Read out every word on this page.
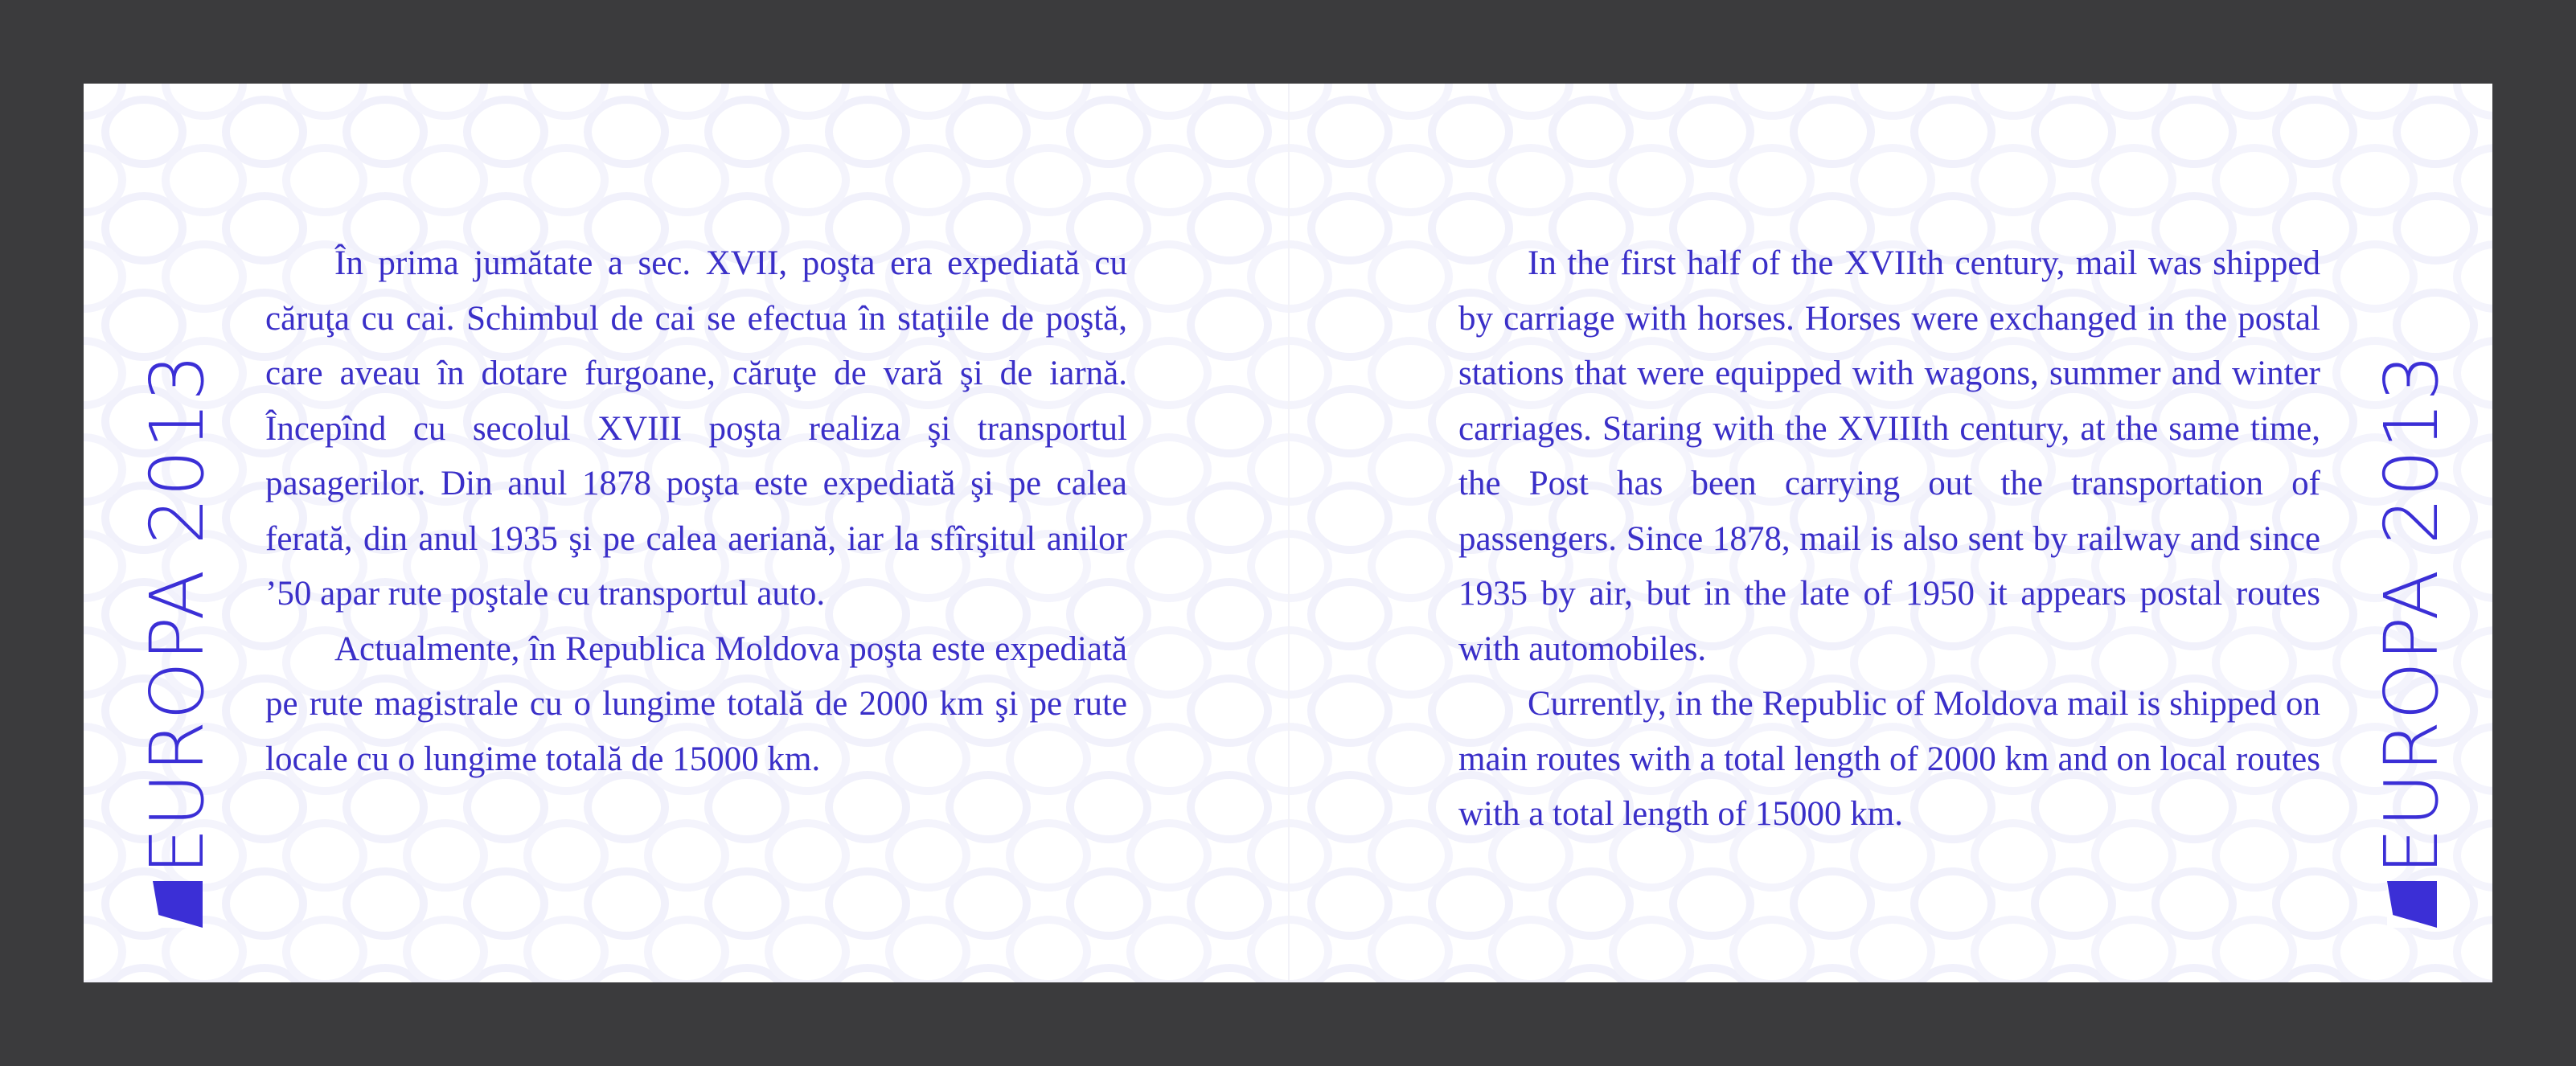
EUROPA 2013

În prima jumătate a sec. XVII, poşta era expediată cu căruţa cu cai. Schimbul de cai se efectua în staţiile de poştă, care aveau în dotare furgoane, căruţe de vară şi de iarnă. Începînd cu secolul XVIII poşta realiza şi transportul pasagerilor. Din anul 1878 poşta este expediată şi pe calea ferată, din anul 1935 şi pe calea aeriană, iar la sfîrşitul anilor ’50 apar rute poştale cu transportul auto.

Actualmente, în Republica Moldova poşta este expediată pe rute magistrale cu o lungime totală de 2000 km şi pe rute locale cu o lungime totală de 15000 km.

In the first half of the XVIIth century, mail was shipped by carriage with horses. Horses were exchanged in the postal stations that were equipped with wagons, summer and winter carriages. Staring with the XVIIIth century, at the same time, the Post has been carrying out the transportation of passengers. Since 1878, mail is also sent by railway and since 1935 by air, but in the late of 1950 it appears postal routes with automobiles.

Currently, in the Republic of Moldova mail is shipped on main routes with a total length of 2000 km and on local routes with a total length of 15000 km.	EUROPA 2013
